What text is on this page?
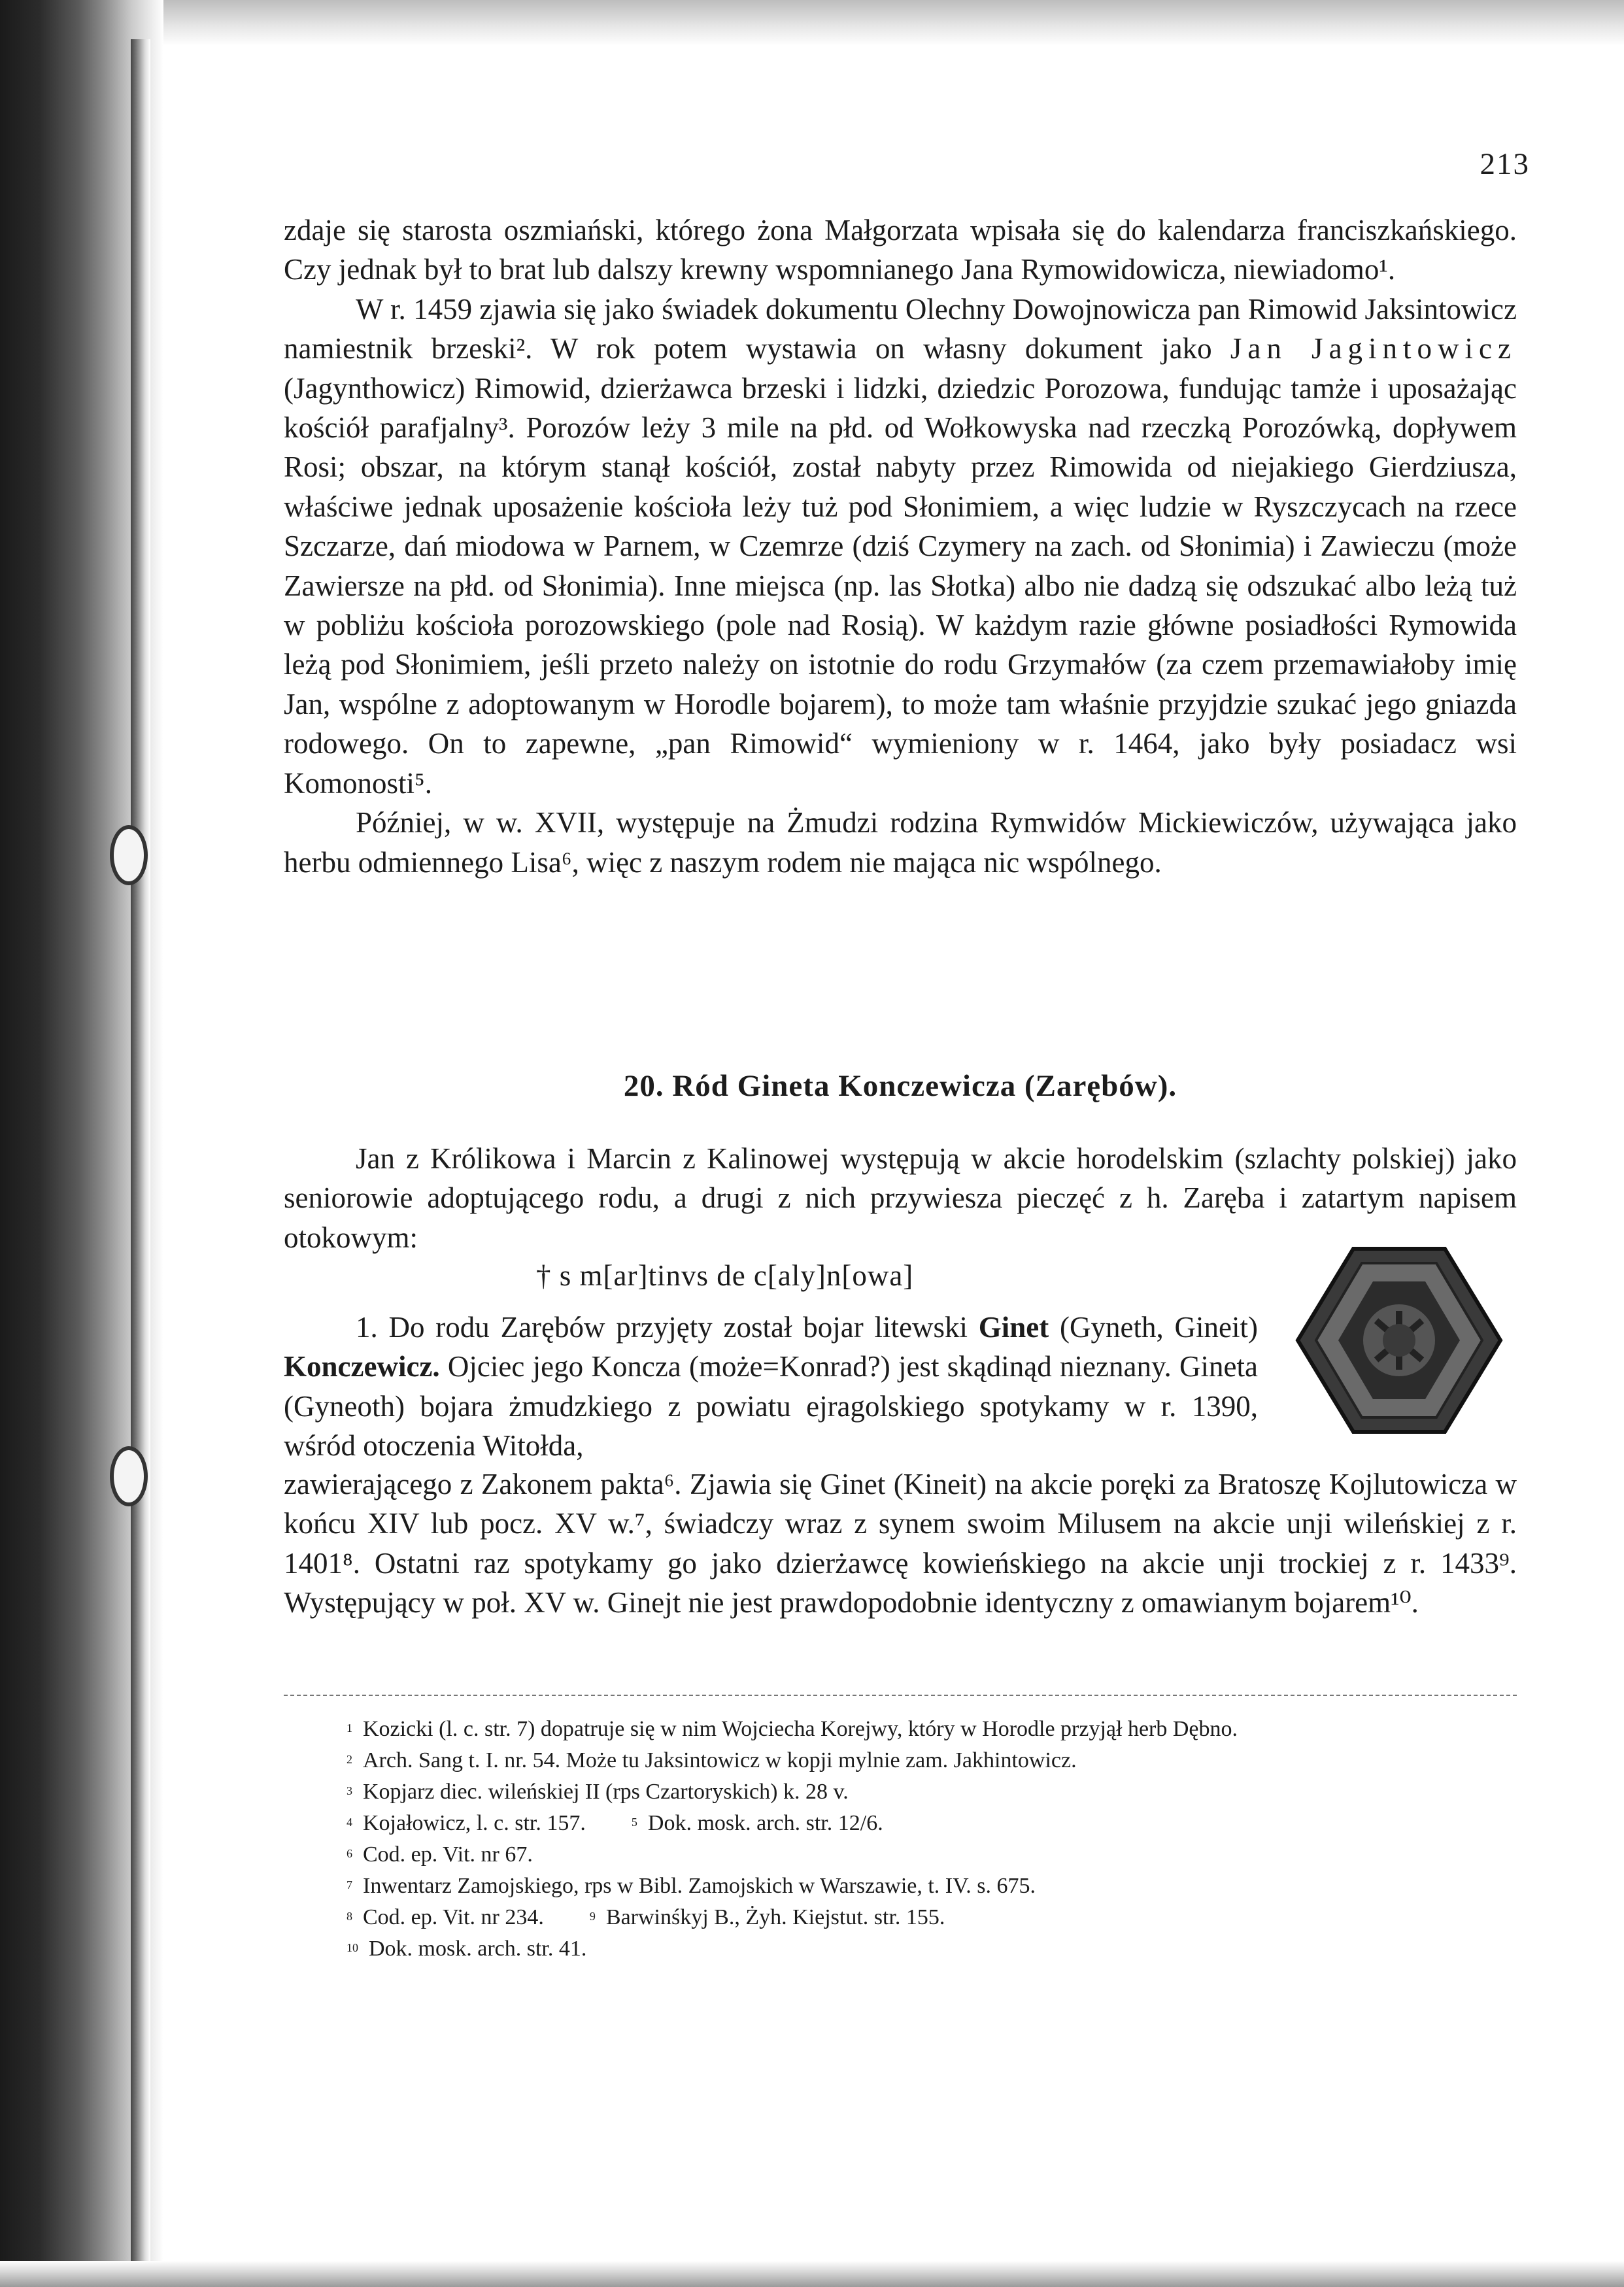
213

zdaje się starosta oszmiański, którego żona Małgorzata wpisała się do kalendarza franciszkańskiego. Czy jednak był to brat lub dalszy krewny wspomnianego Jana Rymowidowicza, niewiadomo¹.

W r. 1459 zjawia się jako świadek dokumentu Olechny Dowojnowicza pan Rimowid Jaksintowicz namiestnik brzeski². W rok potem wystawia on własny dokument jako Jan Jagintowicz (Jagynthowicz) Rimowid, dzierżawca brzeski i lidzki, dziedzic Porozowa, fundując tamże i uposażając kościół parafjalny³. Porozów leży 3 mile na płd. od Wołkowyska nad rzeczką Porozówką, dopływem Rosi; obszar, na którym stanął kościół, został nabyty przez Rimowida od niejakiego Gierdziusza, właściwe jednak uposażenie kościoła leży tuż pod Słonimiem, a więc ludzie w Ryszczycach na rzece Szczarze, dań miodowa w Parnem, w Czemrze (dziś Czymery na zach. od Słonimia) i Zawieczu (może Zawiersze na płd. od Słonimia). Inne miejsca (np. las Słotka) albo nie dadzą się odszukać albo leżą tuż w pobliżu kościoła porozowskiego (pole nad Rosią). W każdym razie główne posiadłości Rymowida leżą pod Słonimiem, jeśli przeto należy on istotnie do rodu Grzymałów (za czem przemawiałoby imię Jan, wspólne z adoptowanym w Horodle bojarem), to może tam właśnie przyjdzie szukać jego gniazda rodowego. On to zapewne, „pan Rimowid“ wymieniony w r. 1464, jako były posiadacz wsi Komonosti⁵.

Później, w w. XVII, występuje na Żmudzi rodzina Rymwidów Mickiewiczów, używająca jako herbu odmiennego Lisa⁶, więc z naszym rodem nie mająca nic wspólnego.

20. Ród Gineta Konczewicza (Zarębów).

Jan z Królikowa i Marcin z Kalinowej występują w akcie horodelskim (szlachty polskiej) jako seniorowie adoptującego rodu, a drugi z nich przywiesza pieczęć z h. Zaręba i zatartym napisem otokowym:

† s m[ar]tinvs de c[aly]n[owa]

1. Do rodu Zarębów przyjęty został bojar litewski Ginet (Gyneth, Gineit) Konczewicz. Ojciec jego Koncza (może=Konrad?) jest skądinąd nieznany. Gineta (Gyneoth) bojara żmudzkiego z powiatu ejragolskiego spotykamy w r. 1390, wśród otoczenia Witołda,

zawierającego z Zakonem pakta⁶. Zjawia się Ginet (Kineit) na akcie poręki za Bratoszę Kojlutowicza w końcu XIV lub pocz. XV w.⁷, świadczy wraz z synem swoim Milusem na akcie unji wileńskiej z r. 1401⁸. Ostatni raz spotykamy go jako dzierżawcę kowieńskiego na akcie unji trockiej z r. 1433⁹. Występujący w poł. XV w. Ginejt nie jest prawdopodobnie identyczny z omawianym bojarem¹⁰.

$^1$ Kozicki (l. c. str. 7) dopatruje się w nim Wojciecha Korejwy, który w Horodle przyjął herb Dębno.
$^2$ Arch. Sang t. I. nr. 54. Może tu Jaksintowicz w kopji mylnie zam. Jakhintowicz.
$^3$ Kopjarz diec. wileńskiej II (rps Czartoryskich) k. 28 v.
$^4$ Kojałowicz, l. c. str. 157.	$^5$ Dok. mosk. arch. str. 12/6.
$^6$ Cod. ep. Vit. nr 67.
$^7$ Inwentarz Zamojskiego, rps w Bibl. Zamojskich w Warszawie, t. IV. s. 675.
$^8$ Cod. ep. Vit. nr 234.	$^9$ Barwinśkyj B., Żyh. Kiejstut. str. 155.
$^{10}$ Dok. mosk. arch. str. 41.
